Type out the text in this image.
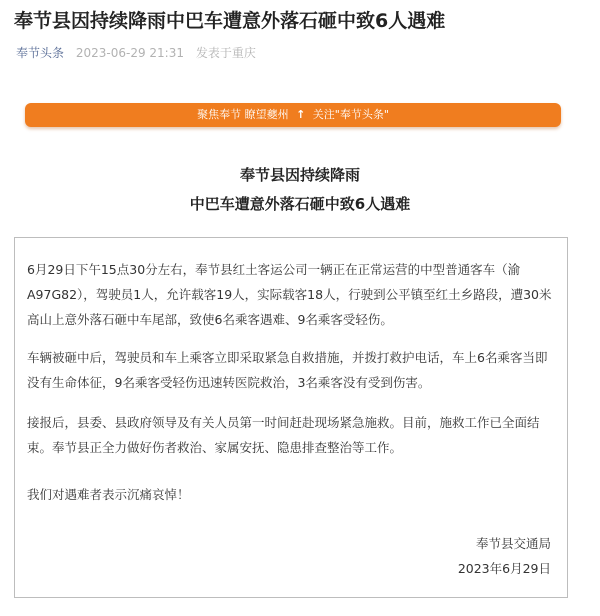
奉节县因持续降雨中巴车遭意外落石砸中致6人遇难
奉节头条 2023-06-29 21:31 发表于重庆
聚焦奉节 瞭望夔州 ↑ 关注"奉节头条"
奉节县因持续降雨
中巴车遭意外落石砸中致6人遇难
6月29日下午15点30分左右，奉节县红土客运公司一辆正在正常运营的中型普通客车（渝 A97G82），驾驶员1人，允许载客19人，实际载客18人，行驶到公平镇至红土乡路段，遭30米高山上意外落石砸中车尾部，致使6名乘客遇难、9名乘客受轻伤。
车辆被砸中后，驾驶员和车上乘客立即采取紧急自救措施，并拨打救护电话，车上6名乘客当即没有生命体征，9名乘客受轻伤迅速转医院救治，3名乘客没有受到伤害。
接报后，县委、县政府领导及有关人员第一时间赶赴现场紧急施救。目前，施救工作已全面结束。奉节县正全力做好伤者救治、家属安抚、隐患排查整治等工作。
我们对遇难者表示沉痛哀悼！
奉节县交通局
2023年6月29日
